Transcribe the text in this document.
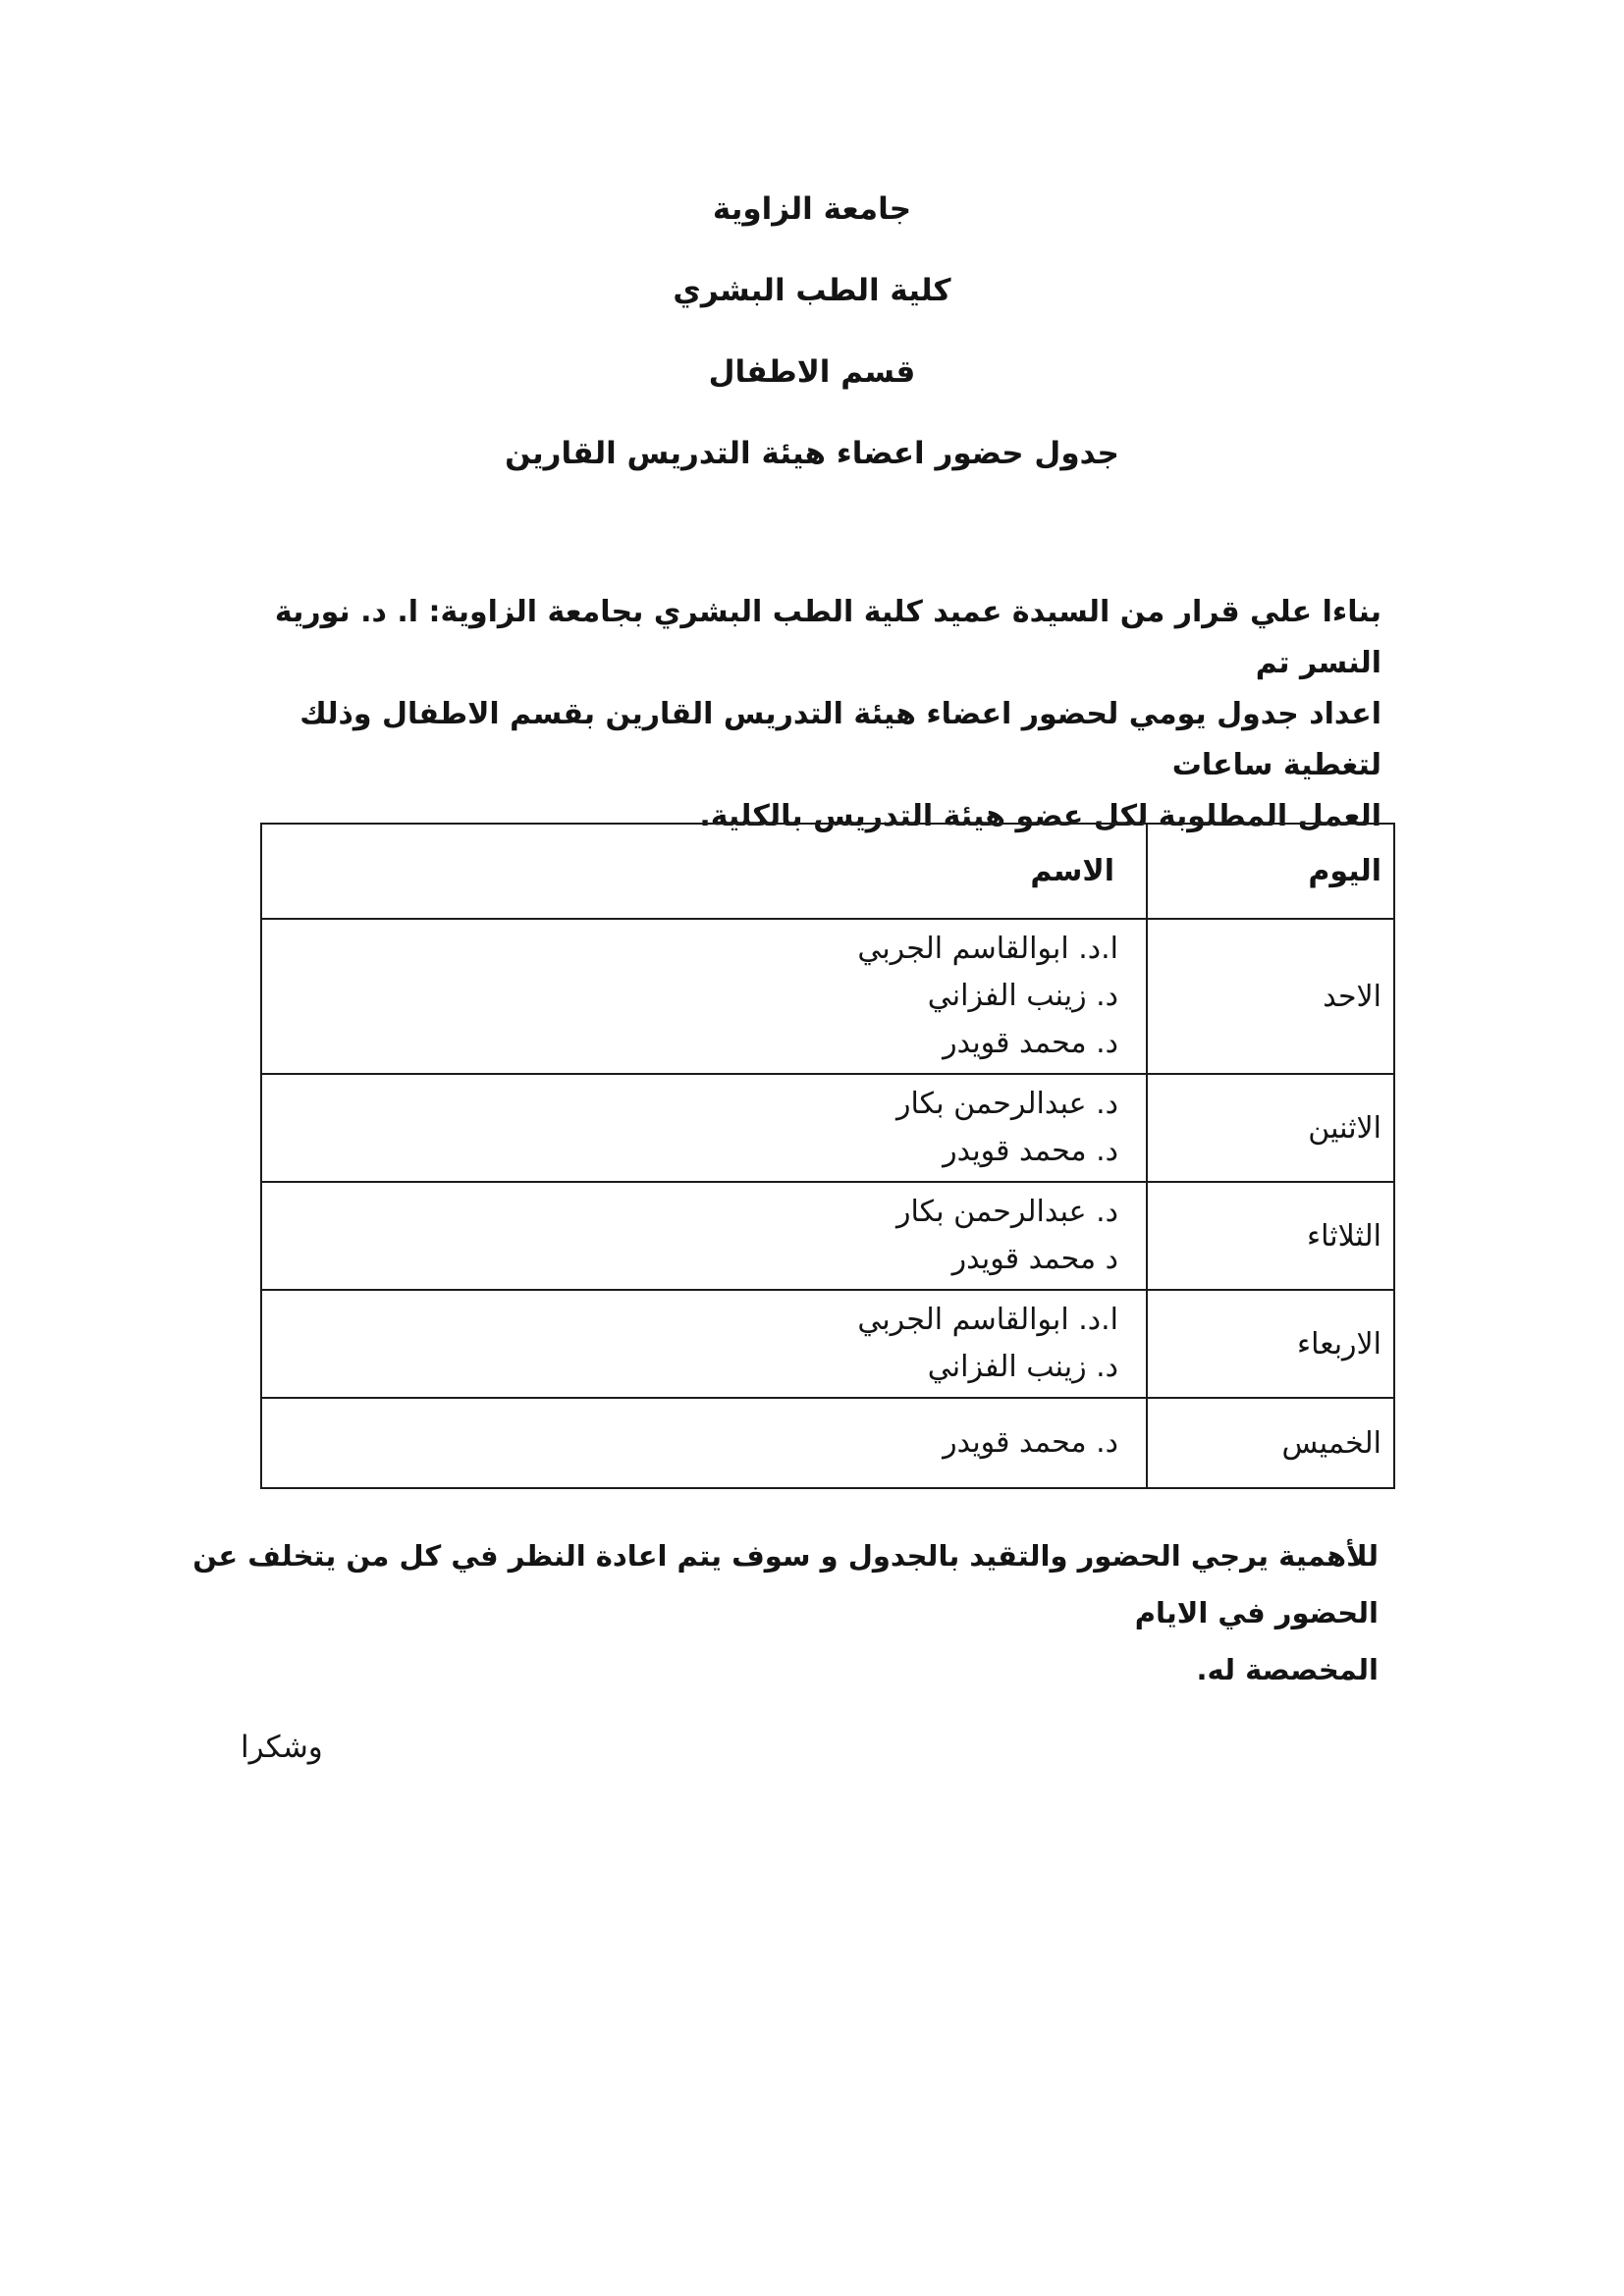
جامعة الزاوية
كلية الطب البشري
قسم الاطفال
جدول حضور اعضاء هيئة التدريس القارين
بناءا علي قرار من السيدة عميد كلية الطب البشري بجامعة الزاوية: ا. د. نورية النسر تم
اعداد جدول يومي لحضور اعضاء هيئة التدريس القارين بقسم الاطفال وذلك لتغطية ساعات
العمل المطلوبة لكل عضو هيئة التدريس بالكلية.
اليوم	الاسم
الاحد	ا.د. ابوالقاسم الجربي
د. زينب الفزاني
د. محمد قويدر

الاثنين	د. عبدالرحمن بكار
د. محمد قويدر

الثلاثاء	د. عبدالرحمن بكار
د محمد قويدر

الاربعاء	ا.د. ابوالقاسم الجربي
د. زينب الفزاني

الخميس	د. محمد قويدر
للأهمية يرجي الحضور والتقيد بالجدول و سوف يتم اعادة النظر في كل من يتخلف عن الحضور في الايام
المخصصة له.
وشكرا
